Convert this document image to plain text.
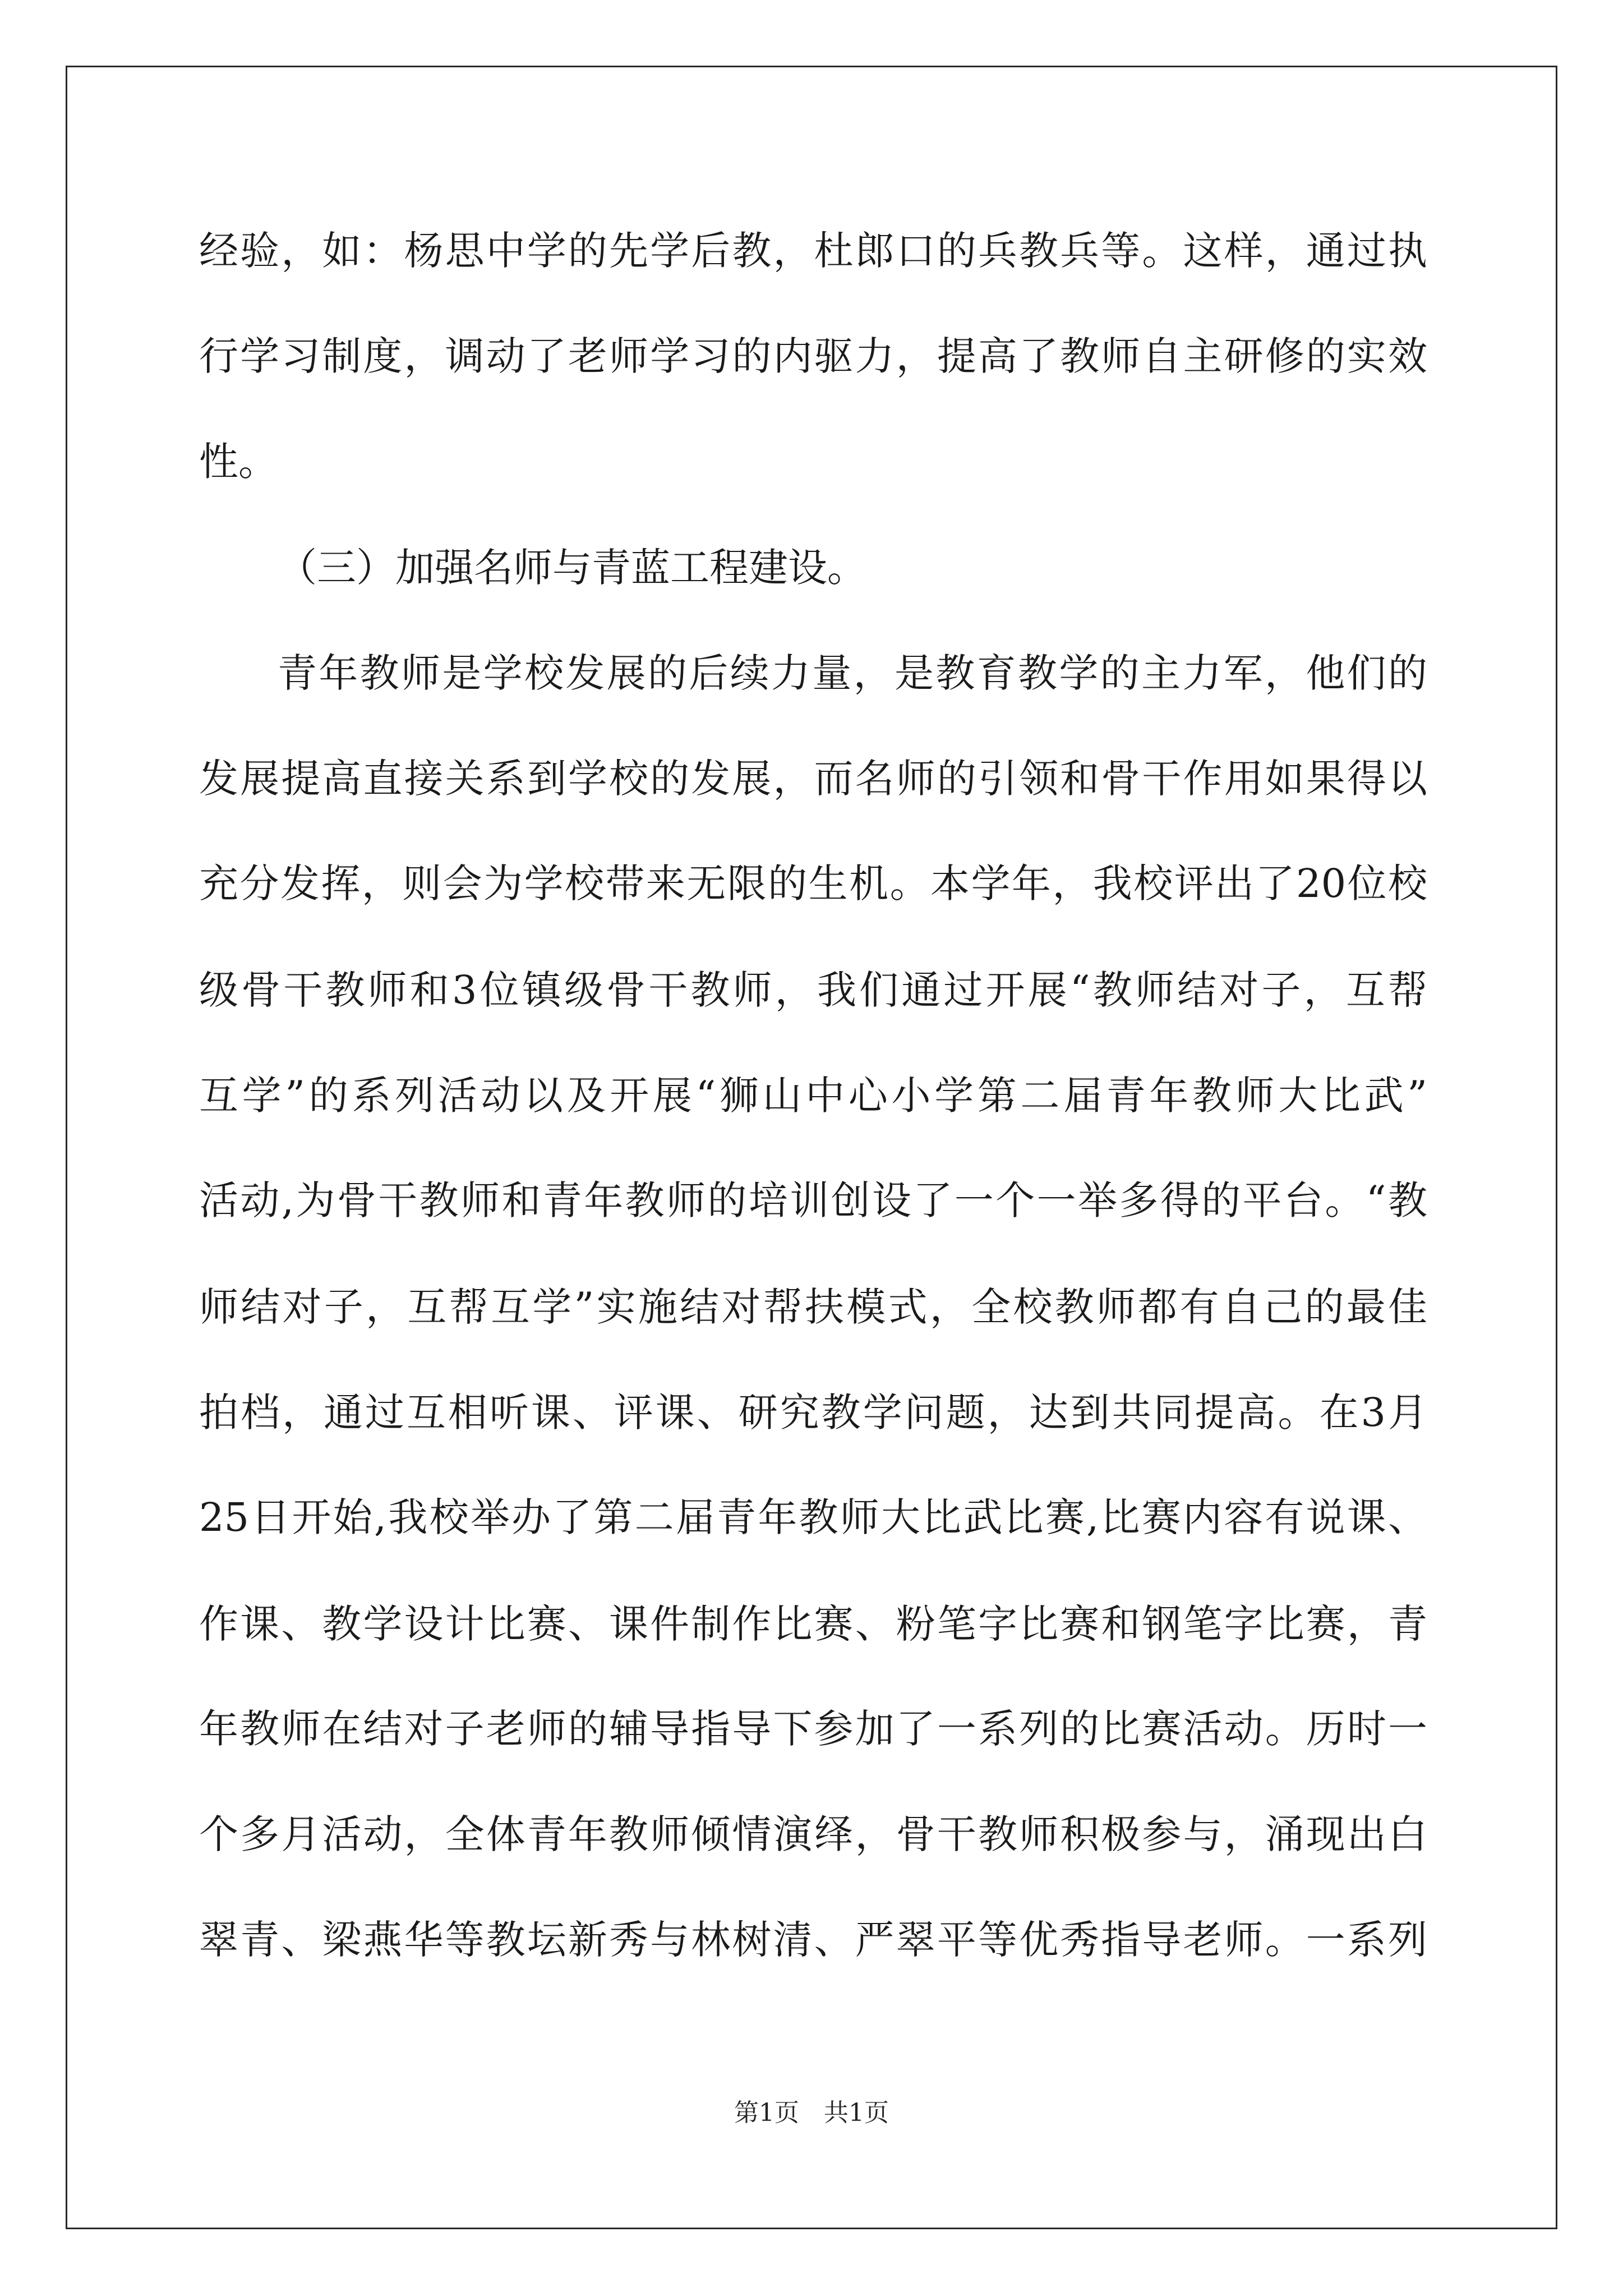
经验，如：杨思中学的先学后教，杜郎口的兵教兵等。这样，通过执
行学习制度，调动了老师学习的内驱力，提高了教师自主研修的实效
性。
（三）加强名师与青蓝工程建设。
青年教师是学校发展的后续力量，是教育教学的主力军，他们的
发展提高直接关系到学校的发展，而名师的引领和骨干作用如果得以
充分发挥，则会为学校带来无限的生机。本学年，我校评出了20位校
级骨干教师和3位镇级骨干教师，我们通过开展“教师结对子，互帮
互学”的系列活动以及开展“狮山中心小学第二届青年教师大比武”
活动,为骨干教师和青年教师的培训创设了一个一举多得的平台。“教
师结对子，互帮互学”实施结对帮扶模式，全校教师都有自己的最佳
拍档，通过互相听课、评课、研究教学问题，达到共同提高。在3月
25日开始,我校举办了第二届青年教师大比武比赛,比赛内容有说课、
作课、教学设计比赛、课件制作比赛、粉笔字比赛和钢笔字比赛，青
年教师在结对子老师的辅导指导下参加了一系列的比赛活动。历时一
个多月活动，全体青年教师倾情演绎，骨干教师积极参与，涌现出白
翠青、梁燕华等教坛新秀与林树清、严翠平等优秀指导老师。一系列
第1页　共1页
